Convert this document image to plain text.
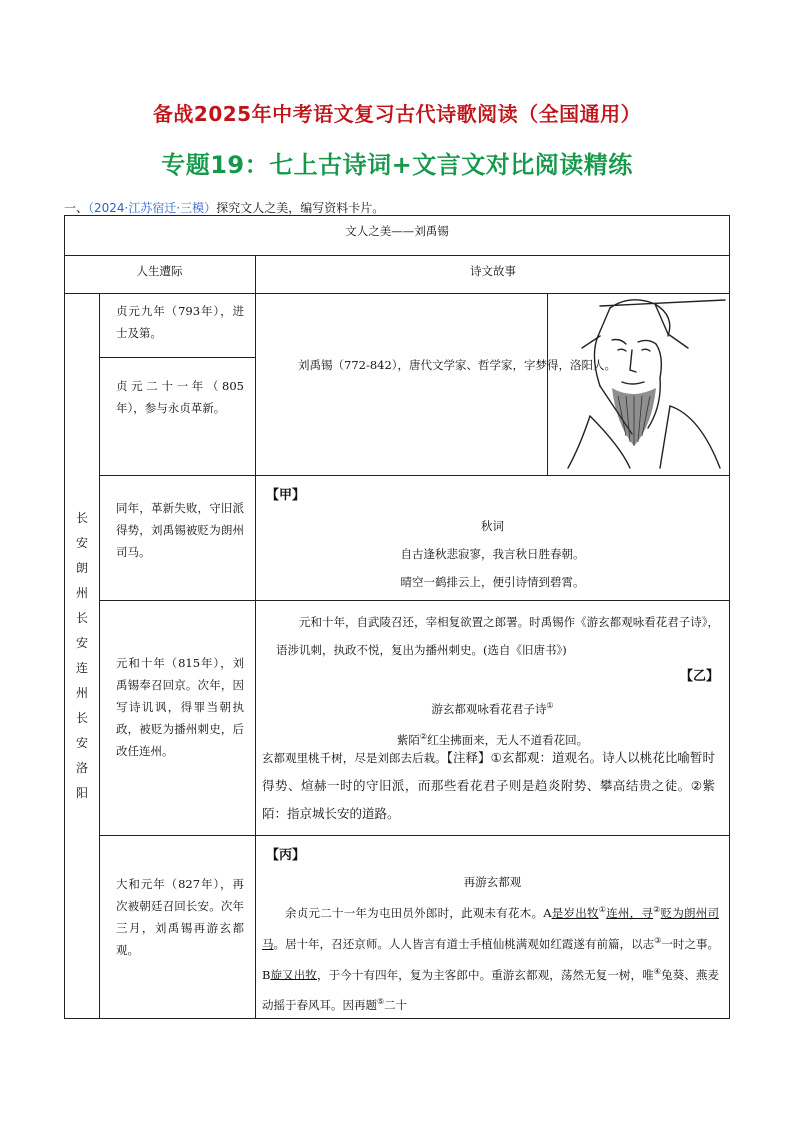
备战2025年中考语文复习古代诗歌阅读（全国通用）
专题19：七上古诗词+文言文对比阅读精练
一、（2024·江苏宿迁·三模）探究文人之美，编写资料卡片。
文人之美——刘禹锡
人生遭际	诗文故事
长
安
朗
州
长
安
连
州
长
安
洛
阳
贞元九年（793年），进士及第。
贞元二十一年（805年），参与永贞革新。
同年，革新失败，守旧派得势，刘禹锡被贬为朗州司马。
元和十年（815年），刘禹锡奉召回京。次年，因写诗讥讽，得罪当朝执政，被贬为播州刺史，后改任连州。
大和元年（827年），再次被朝廷召回长安。次年三月，刘禹锡再游玄都观。
刘禹锡（772-842），唐代文学家、哲学家，字梦得，洛阳人。
【甲】
秋词
自古逢秋悲寂寥，我言秋日胜春朝。
晴空一鹤排云上，便引诗情到碧霄。
元和十年，自武陵召还，宰相复欲置之郎署。时禹锡作《游玄都观咏看花君子诗》，语涉讥刺，执政不悦，复出为播州刺史。(选自《旧唐书》)
【乙】
游玄都观咏看花君子诗①
紫陌②红尘拂面来，无人不道看花回。
玄都观里桃千树，尽是刘郎去后栽。【注释】①玄都观：道观名。诗人以桃花比喻暂时得势、煊赫一时的守旧派，而那些看花君子则是趋炎附势、攀高结贵之徒。②紫陌：指京城长安的道路。
【丙】
再游玄都观
余贞元二十一年为屯田员外郎时，此观未有花木。A是岁出牧①连州，寻②贬为朗州司马。居十年，召还京师。人人皆言有道士手植仙桃满观如红霞遂有前篇，以志③一时之事。B旋又出牧，于今十有四年，复为主客郎中。重游玄都观，荡然无复一树，唯④兔葵、燕麦动摇于春风耳。因再题⑤二十
